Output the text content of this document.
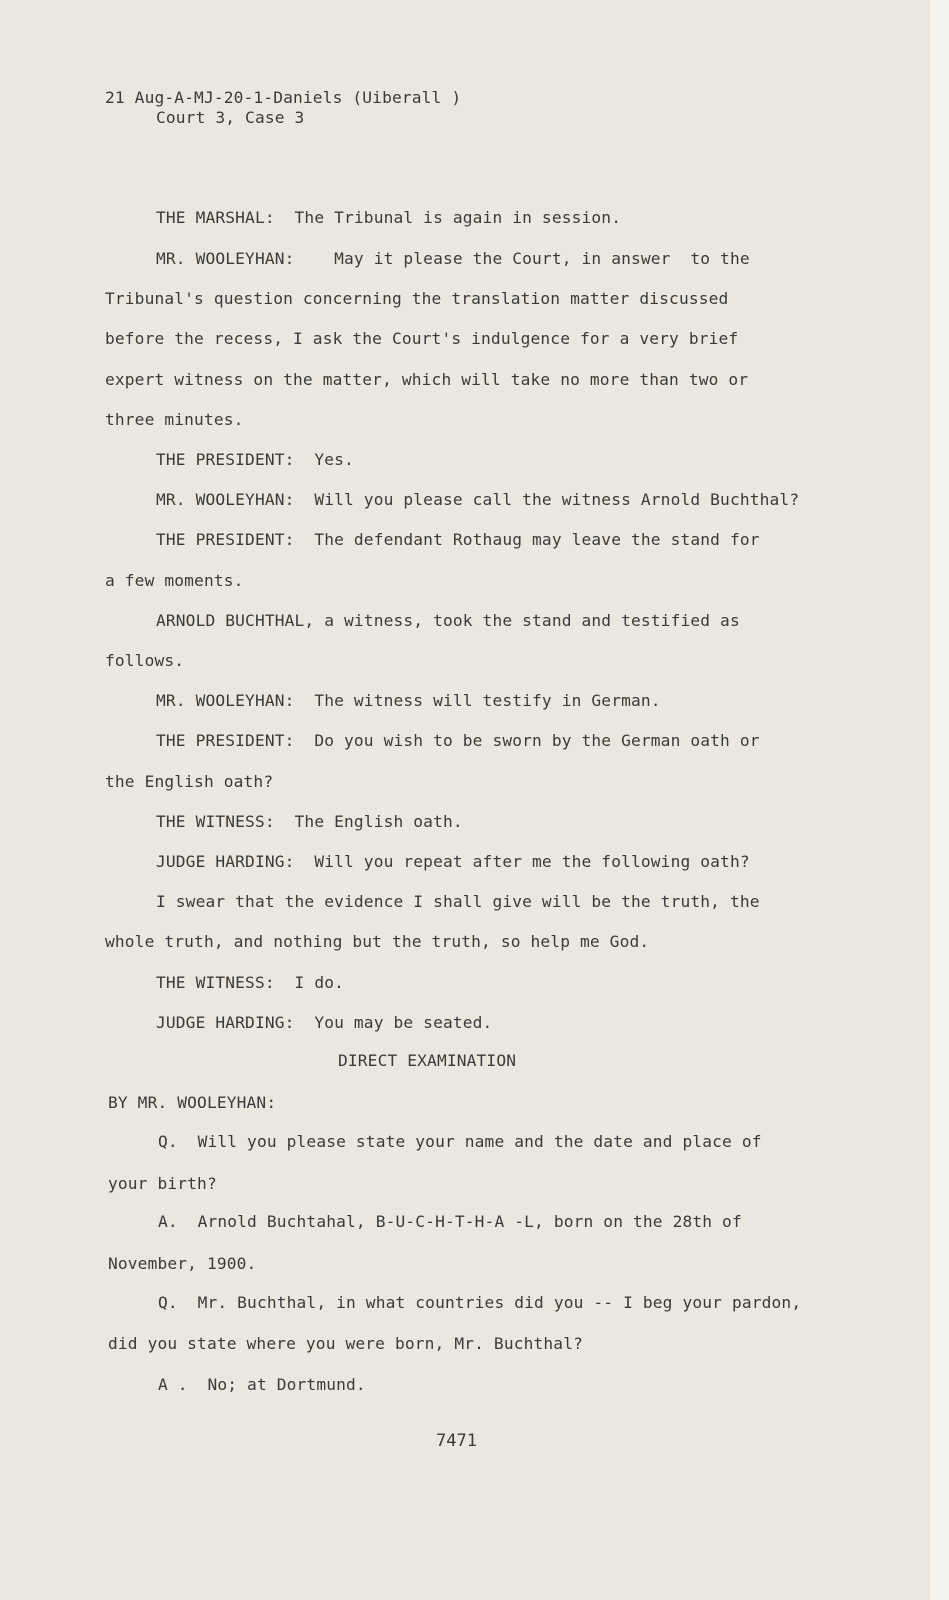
21 Aug-A-MJ-20-1-Daniels (Uiberall )
Court 3, Case 3
THE MARSHAL:  The Tribunal is again in session.
MR. WOOLEYHAN:    May it please the Court, in answer  to the
Tribunal's question concerning the translation matter discussed
before the recess, I ask the Court's indulgence for a very brief
expert witness on the matter, which will take no more than two or
three minutes.
THE PRESIDENT:  Yes.
MR. WOOLEYHAN:  Will you please call the witness Arnold Buchthal?
THE PRESIDENT:  The defendant Rothaug may leave the stand for
a few moments.
ARNOLD BUCHTHAL, a witness, took the stand and testified as
follows.
MR. WOOLEYHAN:  The witness will testify in German.
THE PRESIDENT:  Do you wish to be sworn by the German oath or
the English oath?
THE WITNESS:  The English oath.
JUDGE HARDING:  Will you repeat after me the following oath?
I swear that the evidence I shall give will be the truth, the
whole truth, and nothing but the truth, so help me God.
THE WITNESS:  I do.
JUDGE HARDING:  You may be seated.
DIRECT EXAMINATION
BY MR. WOOLEYHAN:
Q.  Will you please state your name and the date and place of
your birth?
A.  Arnold Buchtahal, B-U-C-H-T-H-A -L, born on the 28th of
November, 1900.
Q.  Mr. Buchthal, in what countries did you -- I beg your pardon,
did you state where you were born, Mr. Buchthal?
A .  No; at Dortmund.
7471
